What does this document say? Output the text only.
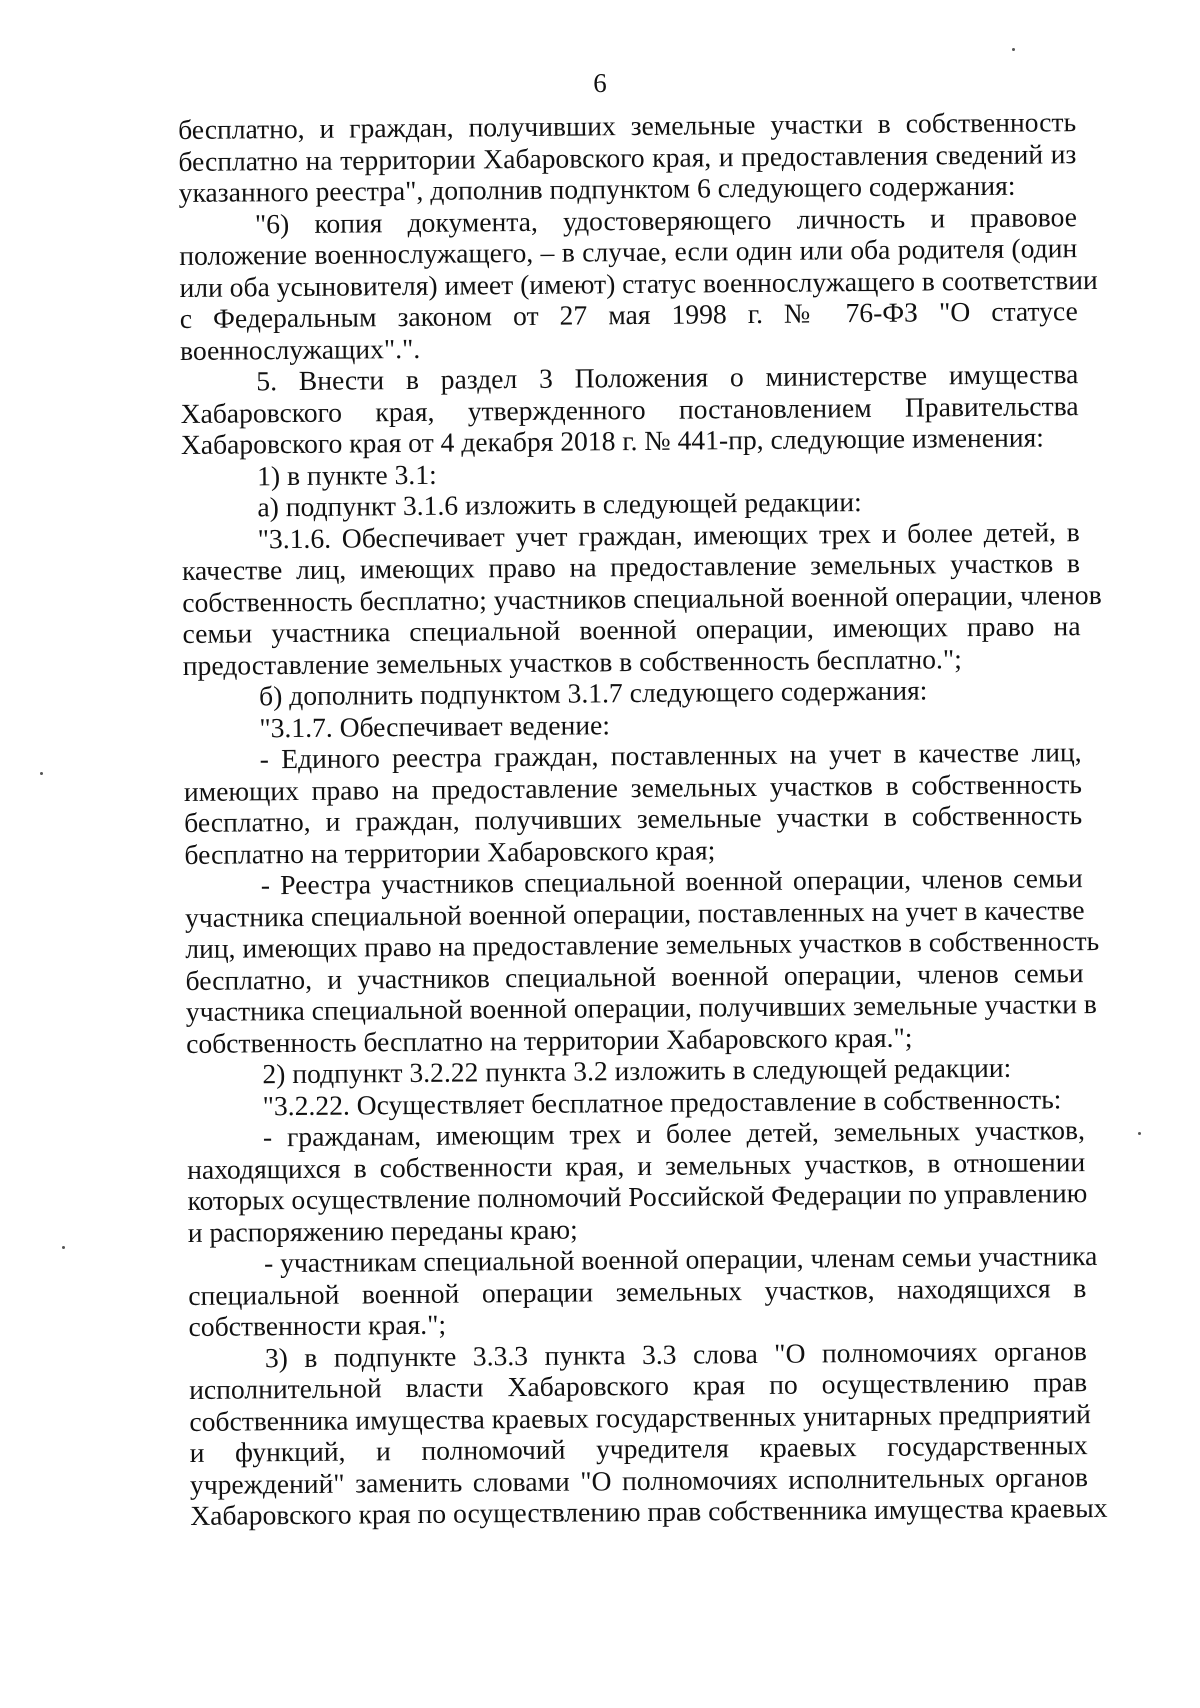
6
бесплатно, и граждан, получивших земельные участки в собственность
бесплатно на территории Хабаровского края, и предоставления сведений из
указанного реестра", дополнив подпунктом 6 следующего содержания:
"6) копия документа, удостоверяющего личность и правовое
положение военнослужащего, – в случае, если один или оба родителя (один
или оба усыновителя) имеет (имеют) статус военнослужащего в соответствии
с Федеральным законом от 27 мая 1998 г. № 76-ФЗ "О статусе
военнослужащих".".
5. Внести в раздел 3 Положения о министерстве имущества
Хабаровского края, утвержденного постановлением Правительства
Хабаровского края от 4 декабря 2018 г. № 441-пр, следующие изменения:
1) в пункте 3.1:
а) подпункт 3.1.6 изложить в следующей редакции:
"3.1.6. Обеспечивает учет граждан, имеющих трех и более детей, в
качестве лиц, имеющих право на предоставление земельных участков в
собственность бесплатно; участников специальной военной операции, членов
семьи участника специальной военной операции, имеющих право на
предоставление земельных участков в собственность бесплатно.";
б) дополнить подпунктом 3.1.7 следующего содержания:
"3.1.7. Обеспечивает ведение:
- Единого реестра граждан, поставленных на учет в качестве лиц,
имеющих право на предоставление земельных участков в собственность
бесплатно, и граждан, получивших земельные участки в собственность
бесплатно на территории Хабаровского края;
- Реестра участников специальной военной операции, членов семьи
участника специальной военной операции, поставленных на учет в качестве
лиц, имеющих право на предоставление земельных участков в собственность
бесплатно, и участников специальной военной операции, членов семьи
участника специальной военной операции, получивших земельные участки в
собственность бесплатно на территории Хабаровского края.";
2) подпункт 3.2.22 пункта 3.2 изложить в следующей редакции:
"3.2.22. Осуществляет бесплатное предоставление в собственность:
- гражданам, имеющим трех и более детей, земельных участков,
находящихся в собственности края, и земельных участков, в отношении
которых осуществление полномочий Российской Федерации по управлению
и распоряжению переданы краю;
- участникам специальной военной операции, членам семьи участника
специальной военной операции земельных участков, находящихся в
собственности края.";
3) в подпункте 3.3.3 пункта 3.3 слова "О полномочиях органов
исполнительной власти Хабаровского края по осуществлению прав
собственника имущества краевых государственных унитарных предприятий
и функций, и полномочий учредителя краевых государственных
учреждений" заменить словами "О полномочиях исполнительных органов
Хабаровского края по осуществлению прав собственника имущества краевых
